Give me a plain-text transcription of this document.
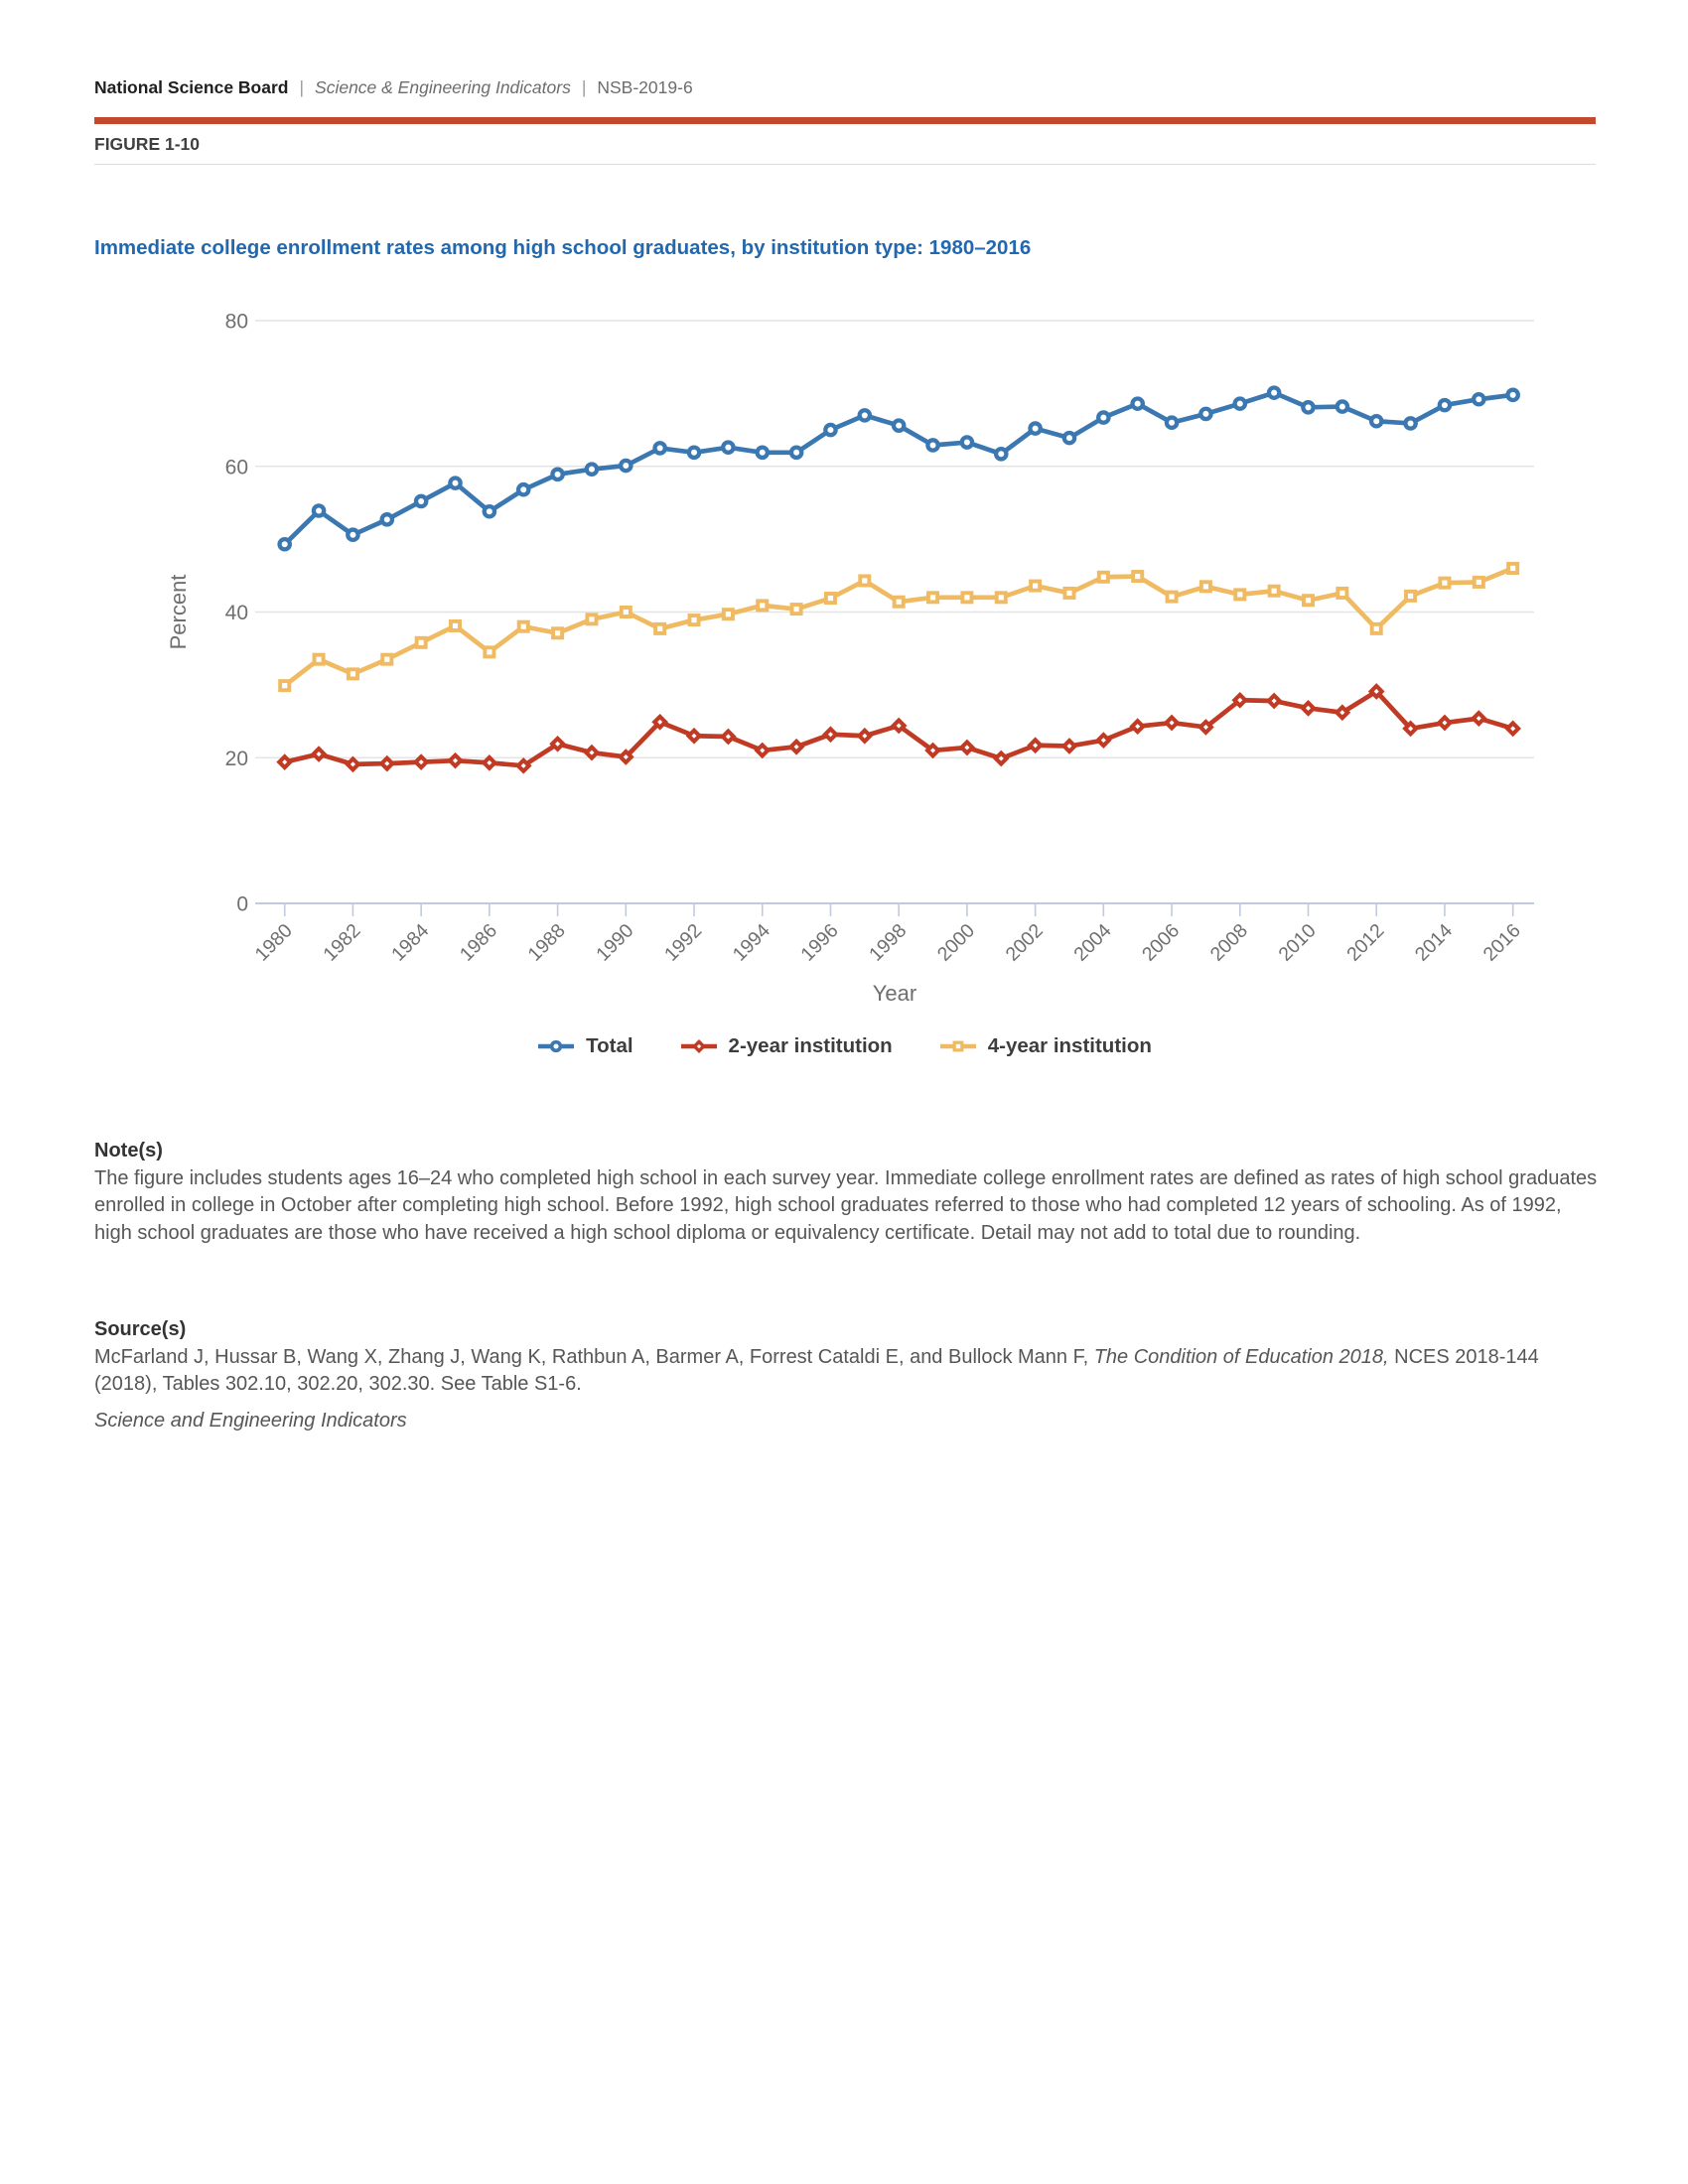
National Science Board | Science & Engineering Indicators | NSB-2019-6
FIGURE 1-10
Immediate college enrollment rates among high school graduates, by institution type: 1980–2016
0
20
40
60
80
1980 1982 1984 1986 1988 1990 1992 1994 1996 1998 2000 2002 2004 2006 2008 2010 2012 2014 2016
Percent
Year
Total	2-year institution	4-year institution
Note(s)
The figure includes students ages 16–24 who completed high school in each survey year. Immediate college enrollment rates are defined as rates of high school graduates enrolled in college in October after completing high school. Before 1992, high school graduates referred to those who had completed 12 years of schooling. As of 1992, high school graduates are those who have received a high school diploma or equivalency certificate. Detail may not add to total due to rounding.
Source(s)
McFarland J, Hussar B, Wang X, Zhang J, Wang K, Rathbun A, Barmer A, Forrest Cataldi E, and Bullock Mann F, The Condition of Education 2018, NCES 2018-144 (2018), Tables 302.10, 302.20, 302.30. See Table S1-6.
Science and Engineering Indicators
